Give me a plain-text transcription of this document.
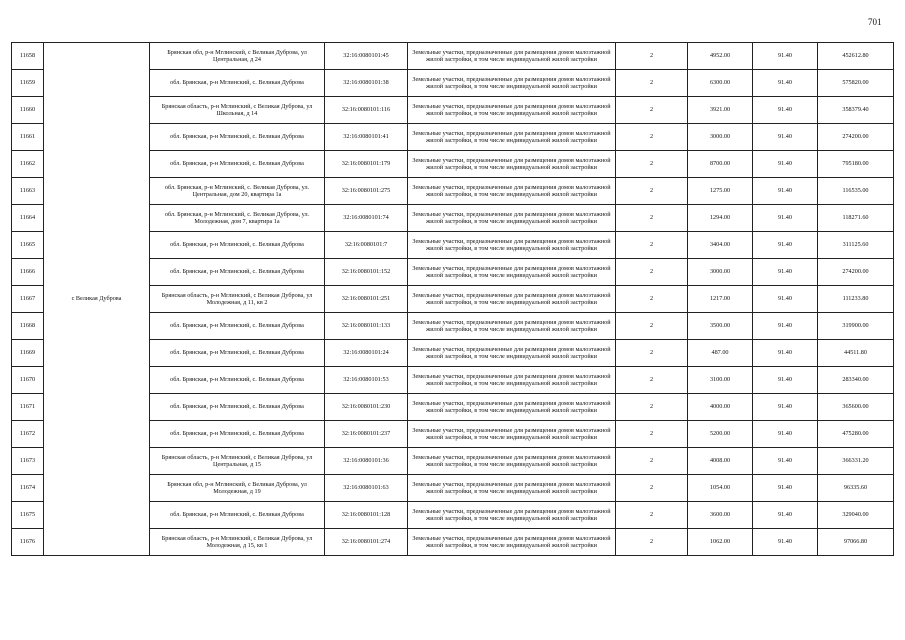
701
11658	с Великая Дуброва	Брянская обл, р-н Мглинский, с Великая Дуброва, ул Центральная, д 24	32:16:0080101:45	Земельные участки, предназначенные для размещения домов малоэтажной жилой застройки, в том числе индивидуальной жилой застройки	2	4952.00	91.40	452612.80
11659		обл. Брянская, р-н Мглинский, с. Великая Дуброва	32:16:0080101:38	Земельные участки, предназначенные для размещения домов малоэтажной жилой застройки, в том числе индивидуальной жилой застройки	2	6300.00	91.40	575820.00
11660		Брянская область, р-н Мглинский, с Великая Дуброва, ул Школьная, д 14	32:16:0080101:116	Земельные участки, предназначенные для размещения домов малоэтажной жилой застройки, в том числе индивидуальной жилой застройки	2	3921.00	91.40	358379.40
11661		обл. Брянская, р-н Мглинский, с. Великая Дуброва	32:16:0080101:41	Земельные участки, предназначенные для размещения домов малоэтажной жилой застройки, в том числе индивидуальной жилой застройки	2	3000.00	91.40	274200.00
11662		обл. Брянская, р-н Мглинский, с. Великая Дуброва	32:16:0080101:179	Земельные участки, предназначенные для размещения домов малоэтажной жилой застройки, в том числе индивидуальной жилой застройки	2	8700.00	91.40	795180.00
11663		обл. Брянская, р-н Мглинский, с. Великая Дуброва, ул. Центральная, дом 20, квартира 1а	32:16:0080101:275	Земельные участки, предназначенные для размещения домов малоэтажной жилой застройки, в том числе индивидуальной жилой застройки	2	1275.00	91.40	116535.00
11664		обл. Брянская, р-н Мглинский, с. Великая Дуброва, ул. Молодежная, дом 7, квартира 1а	32:16:0080101:74	Земельные участки, предназначенные для размещения домов малоэтажной жилой застройки, в том числе индивидуальной жилой застройки	2	1294.00	91.40	118271.60
11665		обл. Брянская, р-н Мглинский, с. Великая Дуброва	32:16:0080101:7	Земельные участки, предназначенные для размещения домов малоэтажной жилой застройки, в том числе индивидуальной жилой застройки	2	3404.00	91.40	311125.60
11666		обл. Брянская, р-н Мглинский, с. Великая Дуброва	32:16:0080101:152	Земельные участки, предназначенные для размещения домов малоэтажной жилой застройки, в том числе индивидуальной жилой застройки	2	3000.00	91.40	274200.00
11667		Брянская область, р-н Мглинский, с Великая Дуброва, ул Молодежная, д 11, кв 2	32:16:0080101:251	Земельные участки, предназначенные для размещения домов малоэтажной жилой застройки, в том числе индивидуальной жилой застройки	2	1217.00	91.40	111233.80
11668		обл. Брянская, р-н Мглинский, с. Великая Дуброва	32:16:0080101:133	Земельные участки, предназначенные для размещения домов малоэтажной жилой застройки, в том числе индивидуальной жилой застройки	2	3500.00	91.40	319900.00
11669		обл. Брянская, р-н Мглинский, с. Великая Дуброва	32:16:0080101:24	Земельные участки, предназначенные для размещения домов малоэтажной жилой застройки, в том числе индивидуальной жилой застройки	2	487.00	91.40	44511.80
11670		обл. Брянская, р-н Мглинский, с. Великая Дуброва	32:16:0080101:53	Земельные участки, предназначенные для размещения домов малоэтажной жилой застройки, в том числе индивидуальной жилой застройки	2	3100.00	91.40	283340.00
11671		обл. Брянская, р-н Мглинский, с. Великая Дуброва	32:16:0080101:230	Земельные участки, предназначенные для размещения домов малоэтажной жилой застройки, в том числе индивидуальной жилой застройки	2	4000.00	91.40	365600.00
11672		обл. Брянская, р-н Мглинский, с. Великая Дуброва	32:16:0080101:237	Земельные участки, предназначенные для размещения домов малоэтажной жилой застройки, в том числе индивидуальной жилой застройки	2	5200.00	91.40	475280.00
11673		Брянская область, р-н Мглинский, с Великая Дуброва, ул Центральная, д 15	32:16:0080101:36	Земельные участки, предназначенные для размещения домов малоэтажной жилой застройки, в том числе индивидуальной жилой застройки	2	4008.00	91.40	366331.20
11674		Брянская обл, р-н Мглинский, с Великая Дуброва, ул Молодежная, д 19	32:16:0080101:63	Земельные участки, предназначенные для размещения домов малоэтажной жилой застройки, в том числе индивидуальной жилой застройки	2	1054.00	91.40	96335.60
11675		обл. Брянская, р-н Мглинский, с. Великая Дуброва	32:16:0080101:128	Земельные участки, предназначенные для размещения домов малоэтажной жилой застройки, в том числе индивидуальной жилой застройки	2	3600.00	91.40	329040.00
11676		Брянская область, р-н Мглинский, с Великая Дуброва, ул Молодежная, д 15, кв 1	32:16:0080101:274	Земельные участки, предназначенные для размещения домов малоэтажной жилой застройки, в том числе индивидуальной жилой застройки	2	1062.00	91.40	97066.80
